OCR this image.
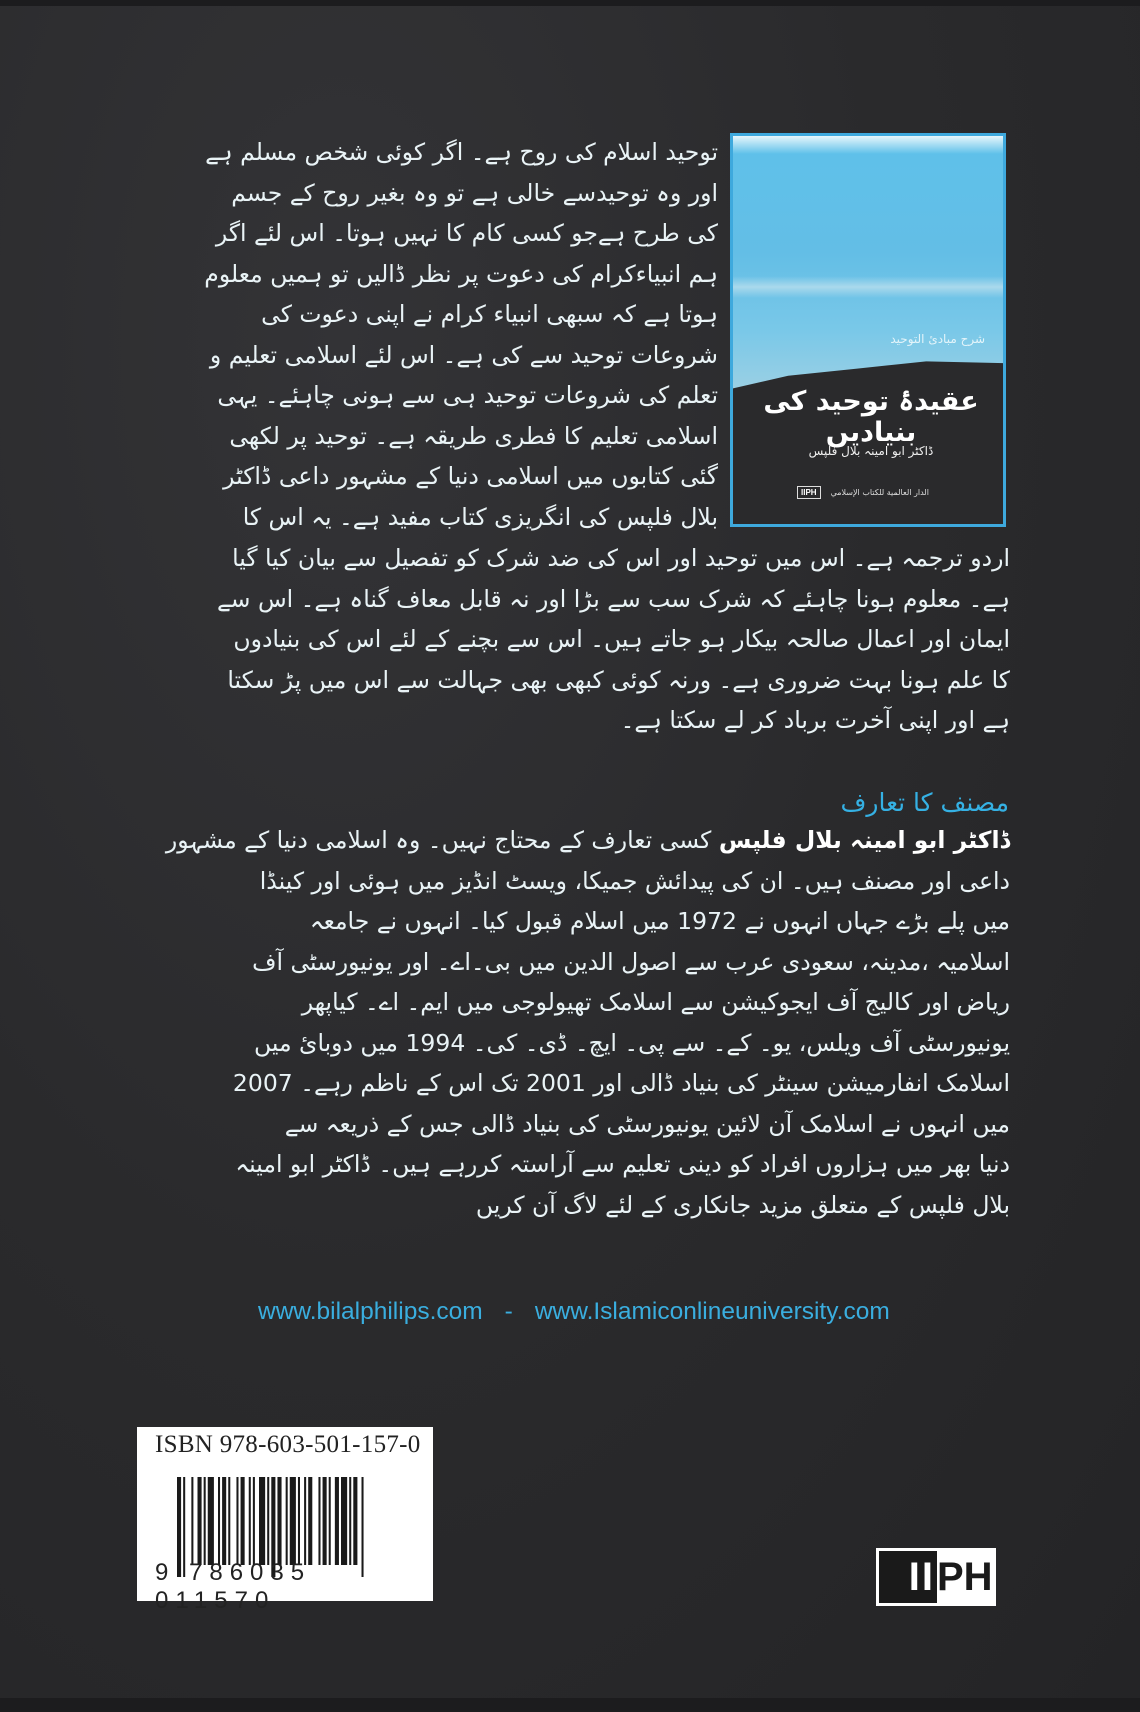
توحید اسلام کی روح ہے۔ اگر کوئی شخص مسلم ہے

اور وہ توحیدسے خالی ہے تو وہ بغیر روح کے جسم

کی طرح ہےجو کسی کام کا نہیں ہوتا۔ اس لئے اگر

ہم انبیاءکرام کی دعوت پر نظر ڈالیں تو ہمیں معلوم

ہوتا ہے کہ سبھی انبیاء کرام نے اپنی دعوت کی

شروعات توحید سے کی ہے۔ اس لئے اسلامی تعلیم و

تعلم کی شروعات توحید ہی سے ہونی چاہئے۔ یہی

اسلامی تعلیم کا فطری طریقہ ہے۔ توحید پر لکھی

گئی کتابوں میں اسلامی دنیا کے مشہور داعی ڈاکٹر

بلال فلپس کی انگریزی کتاب مفید ہے۔ یہ اس کا

اردو ترجمہ ہے۔ اس میں توحید اور اس کی ضد شرک کو تفصیل سے بیان کیا گیا

ہے۔ معلوم ہونا چاہئے کہ شرک سب سے بڑا اور نہ قابل معاف گناہ ہے۔ اس سے

ایمان اور اعمال صالحہ بیکار ہو جاتے ہیں۔ اس سے بچنے کے لئے اس کی بنیادوں

کا علم ہونا بہت ضروری ہے۔ ورنہ کوئی کبھی بھی جہالت سے اس میں پڑ سکتا

ہے اور اپنی آخرت برباد کر لے سکتا ہے۔

شرح مبادئ التوحید
عقیدۂ توحید کی بنیادیں
ڈاکٹر ابو امینہ بلال فلپس
IIPH	الدار العالمية للكتاب الإسلامي
مصنف کا تعارف

ڈاکٹر ابو امینہ بلال فلپس کسی تعارف کے محتاج نہیں۔ وہ اسلامی دنیا کے مشہور

داعی اور مصنف ہیں۔ ان کی پیدائش جمیکا، ویسٹ انڈیز میں ہوئی اور کینڈا

میں پلے بڑے جہاں انہوں نے 1972 میں اسلام قبول کیا۔ انہوں نے جامعہ

اسلامیہ ،مدینہ، سعودی عرب سے اصول الدین میں بی۔اے۔ اور یونیورسٹی آف

ریاض اور کالیج آف ایجوکیشن سے اسلامک تھیولوجی میں ایم۔ اے۔ کیاپھر

یونیورسٹی آف ویلس، یو۔ کے۔ سے پی۔ ایچ۔ ڈی۔ کی۔ 1994 میں دوبائ میں

اسلامک انفارمیشن سینٹر کی بنیاد ڈالی اور 2001 تک اس کے ناظم رہے۔ 2007

میں انہوں نے اسلامک آن لائین یونیورسٹی کی بنیاد ڈالی جس کے ذریعہ سے

دنیا بھر میں ہزاروں افراد کو دینی تعلیم سے آراستہ کررہے ہیں۔ ڈاکٹر ابو امینہ

بلال فلپس کے متعلق مزید جانکاری کے لئے لاگ آن کریں

www.bilalphilips.com - www.Islamiconlineuniversity.com
ISBN 978-603-501-157-0
9 786035 011570
II PH
